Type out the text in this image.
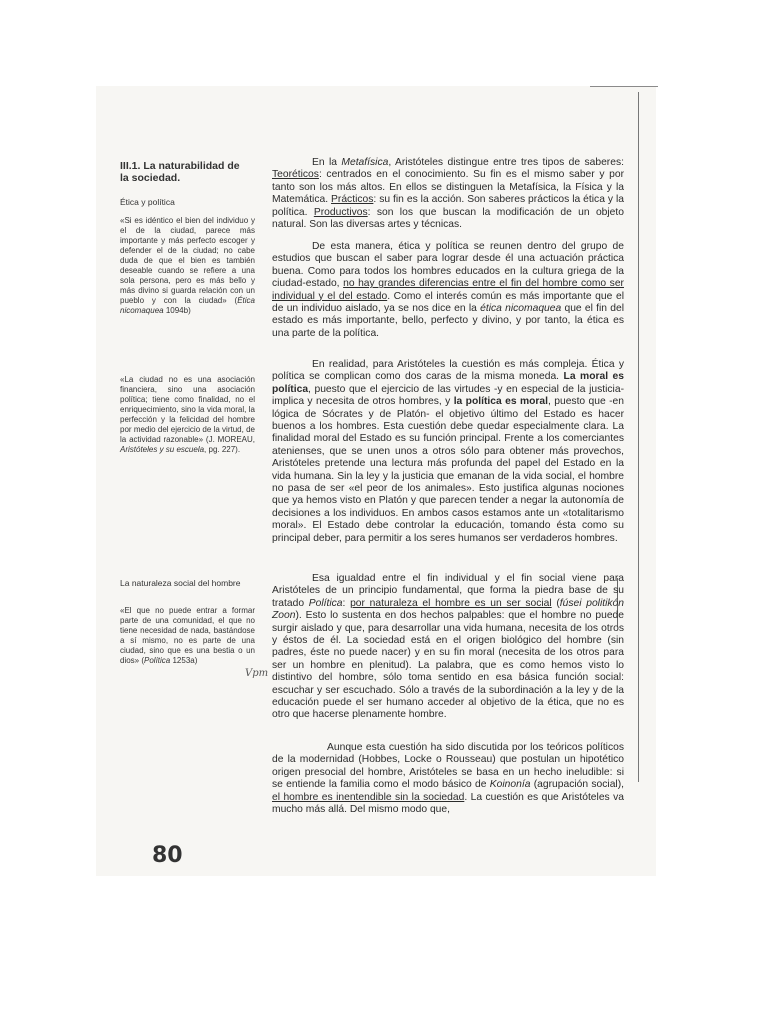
III.1. La naturabilidad de la sociedad.
Ética y política
«Si es idéntico el bien del individuo y el de la ciudad, parece más importante y más perfecto escoger y defender el de la ciudad; no cabe duda de que el bien es también deseable cuando se refiere a una sola persona, pero es más bello y más divino si guarda relación con un pueblo y con la ciudad» (Ética nicomaquea 1094b)
«La ciudad no es una asociación financiera, sino una asociación política; tiene como finalidad, no el enriquecimiento, sino la vida moral, la perfección y la felicidad del hombre por medio del ejercicio de la virtud, de la actividad razonable» (J. MOREAU, Aristóteles y su escuela, pg. 227).
La naturaleza social del hombre
«El que no puede entrar a formar parte de una comunidad, el que no tiene necesidad de nada, bastándose a sí mismo, no es parte de una ciudad, sino que es una bestia o un dios» (Política 1253a)
Vpm

En la Metafísica, Aristóteles distingue entre tres tipos de saberes: Teoréticos: centrados en el conocimiento. Su fin es el mismo saber y por tanto son los más altos. En ellos se distinguen la Metafísica, la Física y la Matemática. Prácticos: su fin es la acción. Son saberes prácticos la ética y la política. Productivos: son los que buscan la modificación de un objeto natural. Son las diversas artes y técnicas.

De esta manera, ética y política se reunen dentro del grupo de estudios que buscan el saber para lograr desde él una actuación práctica buena. Como para todos los hombres educados en la cultura griega de la ciudad-estado, no hay grandes diferencias entre el fin del hombre como ser individual y el del estado. Como el interés común es más importante que el de un individuo aislado, ya se nos dice en la ética nicomaquea que el fin del estado es más importante, bello, perfecto y divino, y por tanto, la ética es una parte de la política.

En realidad, para Aristóteles la cuestión es más compleja. Ética y política se complican como dos caras de la misma moneda. La moral es política, puesto que el ejercicio de las virtudes -y en especial de la justicia- implica y necesita de otros hombres, y la política es moral, puesto que -en lógica de Sócrates y de Platón- el objetivo último del Estado es hacer buenos a los hombres. Esta cuestión debe quedar especialmente clara. La finalidad moral del Estado es su función principal. Frente a los comerciantes atenienses, que se unen unos a otros sólo para obtener más provechos, Aristóteles pretende una lectura más profunda del papel del Estado en la vida humana. Sin la ley y la justicia que emanan de la vida social, el hombre no pasa de ser «el peor de los animales». Esto justifica algunas nociones que ya hemos visto en Platón y que parecen tender a negar la autonomía de decisiones a los individuos. En ambos casos estamos ante un «totalitarismo moral». El Estado debe controlar la educación, tomando ésta como su principal deber, para permitir a los seres humanos ser verdaderos hombres.

Esa igualdad entre el fin individual y el fin social viene para Aristóteles de un principio fundamental, que forma la piedra base de su tratado Política: por naturaleza el hombre es un ser social (fúsei politikón Zoon). Esto lo sustenta en dos hechos palpables: que el hombre no puede surgir aislado y que, para desarrollar una vida humana, necesita de los otros y éstos de él. La sociedad está en el origen biológico del hombre (sin padres, éste no puede nacer) y en su fin moral (necesita de los otros para ser un hombre en plenitud). La palabra, que es como hemos visto lo distintivo del hombre, sólo toma sentido en esa básica función social: escuchar y ser escuchado. Sólo a través de la subordinación a la ley y de la educación puede el ser humano acceder al objetivo de la ética, que no es otro que hacerse plenamente hombre.

Aunque esta cuestión ha sido discutida por los teóricos políticos de la modernidad (Hobbes, Locke o Rousseau) que postulan un hipotético origen presocial del hombre, Aristóteles se basa en un hecho ineludible: si se entiende la familia como el modo básico de Koinonía (agrupación social), el hombre es inentendible sin la sociedad. La cuestión es que Aristóteles va mucho más allá. Del mismo modo que,

80
